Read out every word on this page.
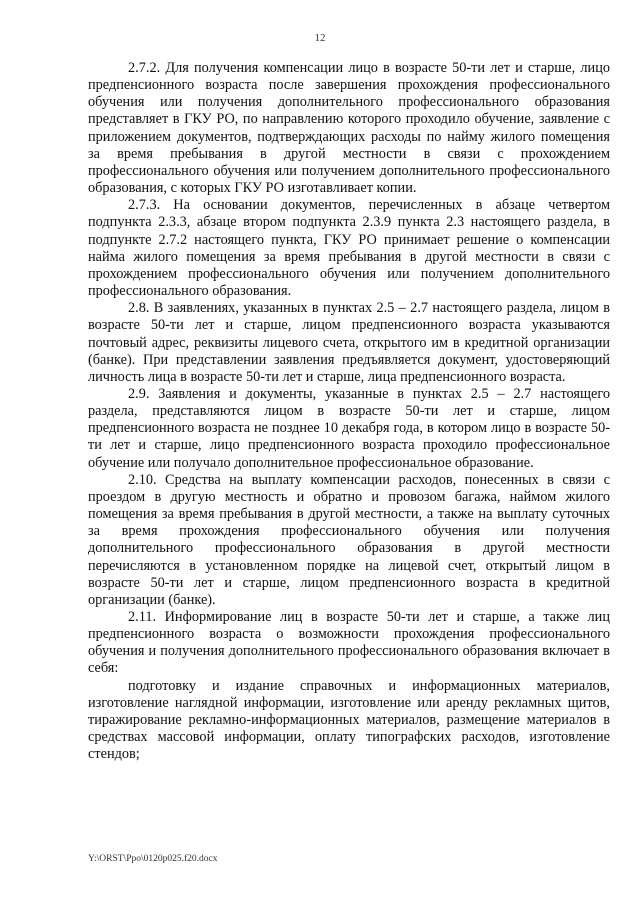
12

2.7.2. Для получения компенсации лицо в возрасте 50-ти лет и старше, лицо предпенсионного возраста после завершения прохождения профессионального обучения или получения дополнительного профессионального образования представляет в ГКУ РО, по направлению которого проходило обучение, заявление с приложением документов, подтверждающих расходы по найму жилого помещения за время пребывания в другой местности в связи с прохождением профессионального обучения или получением дополнительного профессионального образования, с которых ГКУ РО изготавливает копии.

2.7.3. На основании документов, перечисленных в абзаце четвертом подпункта 2.3.3, абзаце втором подпункта 2.3.9 пункта 2.3 настоящего раздела, в подпункте 2.7.2 настоящего пункта, ГКУ РО принимает решение о компенсации найма жилого помещения за время пребывания в другой местности в связи с прохождением профессионального обучения или получением дополнительного профессионального образования.

2.8. В заявлениях, указанных в пунктах 2.5 – 2.7 настоящего раздела, лицом в возрасте 50-ти лет и старше, лицом предпенсионного возраста указываются почтовый адрес, реквизиты лицевого счета, открытого им в кредитной организации (банке). При представлении заявления предъявляется документ, удостоверяющий личность лица в возрасте 50-ти лет и старше, лица предпенсионного возраста.

2.9. Заявления и документы, указанные в пунктах 2.5 – 2.7 настоящего раздела, представляются лицом в возрасте 50-ти лет и старше, лицом предпенсионного возраста не позднее 10 декабря года, в котором лицо в возрасте 50-ти лет и старше, лицо предпенсионного возраста проходило профессиональное обучение или получало дополнительное профессиональное образование.

2.10. Средства на выплату компенсации расходов, понесенных в связи с проездом в другую местность и обратно и провозом багажа, наймом жилого помещения за время пребывания в другой местности, а также на выплату суточных за время прохождения профессионального обучения или получения дополнительного профессионального образования в другой местности перечисляются в установленном порядке на лицевой счет, открытый лицом в возрасте 50-ти лет и старше, лицом предпенсионного возраста в кредитной организации (банке).

2.11. Информирование лиц в возрасте 50-ти лет и старше, а также лиц предпенсионного возраста о возможности прохождения профессионального обучения и получения дополнительного профессионального образования включает в себя:

подготовку и издание справочных и информационных материалов, изготовление наглядной информации, изготовление или аренду рекламных щитов, тиражирование рекламно-информационных материалов, размещение материалов в средствах массовой информации, оплату типографских расходов, изготовление стендов;

Y:\ORST\Ppo\0120p025.f20.docx
